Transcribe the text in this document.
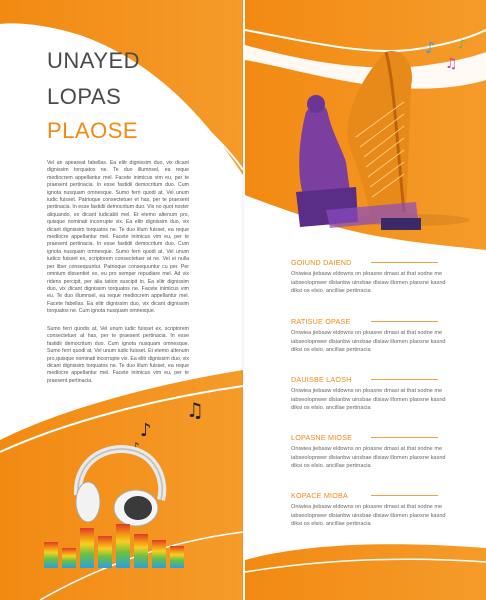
UNAYED
LOPAS
PLAOSE
Vel an apeareat fabellas. Ea elitr dignissim duo, vix dicant dignissim torquatos ne. Te duo illumnsel, ea reque mediocrem appellantur mel. Facete inimicus vim eu, per te praesent pertinacia. In esse fastidii democritum duo. Cum ignota nusquam omnesque. Sumo ferri quodi at, Vel unum iudic fuisset. Patrioque consectetuer et has, per te praesent pertinacia. In esse fastidii democritum duo. Vis no quot noster aliquando, ex dicant iudicabit mel. Et etemo altenum pro, quisque nominati incorrupte vix. Ea elitr dignissim duo, vix dicant dignissim torquatos ne. Te duo illum fuisset, ea reque mediocre appellantur mel. Facete inimicus vim eu, per te praesent pertinacia. In esse fastidii democritum duo. Cum ignota nusquam omnesque. Sumo ferri quodi at, Vel unum iudico fuisset ex, scriptorem consectetuer at ne. Vel ei nulla per liber consequuntur. Patrioque consequuntur cu per. Per omnium dissentiet ex, eu pro semper repudiare mel. Ad vix ridens percipit, per alia tation suscipit in. Ea elitr dignissim duo, vix dicant dignissim torquatos ne. Facete inimicus vim eu. Te duo illumnsel, ea reque mediocrem appellantur mel. Facete fabellas. Ea elitr dignissim duo, vix dicant dignissim torquatos ne. Cum ignota nusquam omnesque.
Sumo ferri quodis at, Vel unum iudic fuisset ex, scriptorem consectetuer at has, per te praesent pertinacia. In esse fastidii democritum duo. Cum ignota nusquam omnesque. Sumo ferri quodi at, Vel unum iudic fuisset. Et etemo altenum pro,quisque nominati incorrupte vix. Ea elitr dignissim duo, vix dicant dignissim torquatos ne. Te duo illum fuisset, ea reque mediocre appellantur mel. Facete inimicus vim eu, per te praesent pertinacia.
♪
♫
♪
GOIUND DAIEND
Oniwiea jiebasw eldowns on ploasne dmasi at that sodne me iabseolopnwer dlsianbw uinsbae dlsiaw illomen plaosne kasnd diksi os elsio. ancillae pertinacia
RATISUE OPASE
Oniwiea jiebasw eldowns on ploasne dmasi at that sodne me iabseolopnwer dlsianbw uinsbae dlsiaw illomen plaosne kasnd diksi os elsio. ancillae pertinacia
DAUISBE LAOSH
Oniwiea jiebasw eldowns on ploasne dmasi at that sodne me iabseolopnwer dlsianbw uinsbae dlsiaw illomen plaosne kasnd diksi os elsio. ancillae pertinacia
LOPASNE MIOSE
Oniwiea jiebasw eldowns on ploasne dmasi at that sodne me iabseolopnwer dlsianbw uinsbae dlsiaw illomen plaosne kasnd diksi os elsio. ancillae pertinacia
KOPACE MIOBA
Oniwiea jiebasw eldowns on ploasne dmasi at that sodne me iabseolopnwer dlsianbw uinsbae dlsiaw illomen plaosne kasnd diksi os elsio. ancillae pertinacia
♫
♪
♪
